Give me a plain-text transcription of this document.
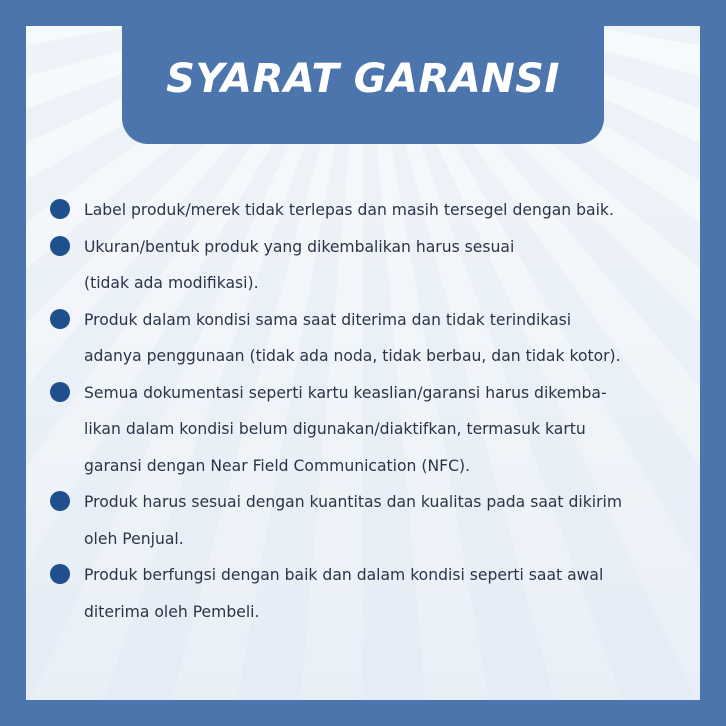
SYARAT GARANSI
Label produk/merek tidak terlepas dan masih tersegel dengan baik.
Ukuran/bentuk produk yang dikembalikan harus sesuai
(tidak ada modifikasi).
Produk dalam kondisi sama saat diterima dan tidak terindikasi
adanya penggunaan (tidak ada noda, tidak berbau, dan tidak kotor).
Semua dokumentasi seperti kartu keaslian/garansi harus dikemba-
likan dalam kondisi belum digunakan/diaktifkan, termasuk kartu
garansi dengan Near Field Communication (NFC).
Produk harus sesuai dengan kuantitas dan kualitas pada saat dikirim
oleh Penjual.
Produk berfungsi dengan baik dan dalam kondisi seperti saat awal
diterima oleh Pembeli.
